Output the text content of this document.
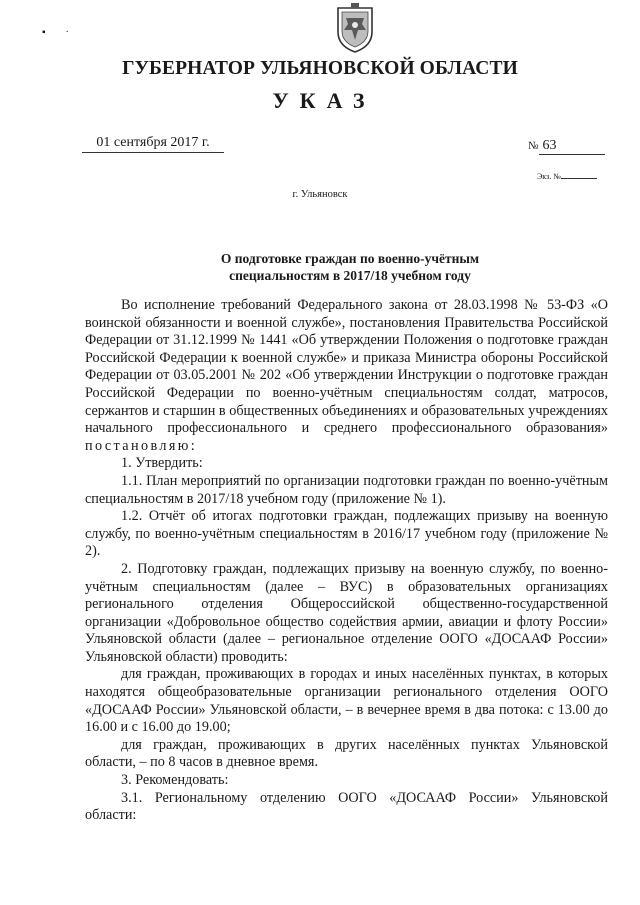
▪        ·
ГУБЕРНАТОР УЛЬЯНОВСКОЙ ОБЛАСТИ
УКАЗ
01 сентября 2017 г.	№ 63
Экз. №
г. Ульяновск
О подготовке граждан по военно-учётным
специальностям в 2017/18 учебном году

Во исполнение требований Федерального закона от 28.03.1998 № 53-ФЗ «О воинской обязанности и военной службе», постановления Правительства Российской Федерации от 31.12.1999 № 1441 «Об утверждении Положения о подготовке граждан Российской Федерации к военной службе» и приказа Министра обороны Российской Федерации от 03.05.2001 № 202 «Об утверждении Инструкции о подготовке граждан Российской Федерации по военно-учётным специальностям солдат, матросов, сержантов и старшин в общественных объединениях и образовательных учреждениях начального профессионального и среднего профессионального образования» постановляю:

1. Утвердить:

1.1. План мероприятий по организации подготовки граждан по военно-учётным специальностям в 2017/18 учебном году (приложение № 1).

1.2. Отчёт об итогах подготовки граждан, подлежащих призыву на военную службу, по военно-учётным специальностям в 2016/17 учебном году (приложение № 2).

2. Подготовку граждан, подлежащих призыву на военную службу, по военно-учётным специальностям (далее – ВУС) в образовательных организациях регионального отделения Общероссийской общественно-государственной организации «Добровольное общество содействия армии, авиации и флоту России» Ульяновской области (далее – региональное отделение ООГО «ДОСААФ России» Ульяновской области) проводить:

для граждан, проживающих в городах и иных населённых пунктах, в которых находятся общеобразовательные организации регионального отделения ООГО «ДОСААФ России» Ульяновской области, – в вечернее время в два потока: с 13.00 до 16.00 и с 16.00 до 19.00;

для граждан, проживающих в других населённых пунктах Ульяновской области, – по 8 часов в дневное время.

3. Рекомендовать:

3.1. Региональному отделению ООГО «ДОСААФ России» Ульяновской области:
